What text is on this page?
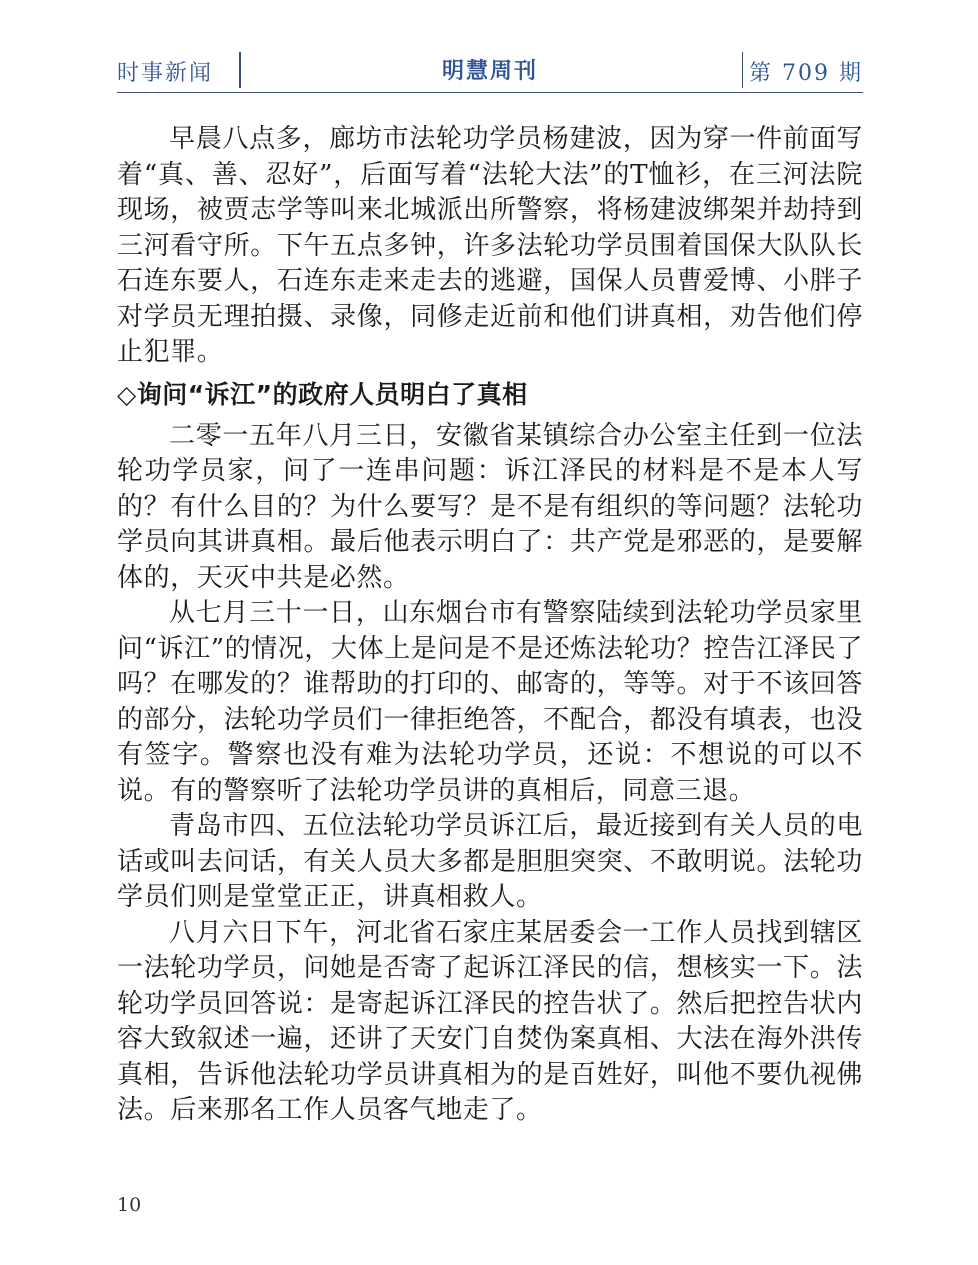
时事新闻	明慧周刊	第 709 期

早晨八点多，廊坊市法轮功学员杨建波，因为穿一件前面写着“真、善、忍好”，后面写着“法轮大法”的T恤衫，在三河法院现场，被贾志学等叫来北城派出所警察，将杨建波绑架并劫持到三河看守所。下午五点多钟，许多法轮功学员围着国保大队队长石连东要人，石连东走来走去的逃避，国保人员曹爱博、小胖子对学员无理拍摄、录像，同修走近前和他们讲真相，劝告他们停止犯罪。

◇询问“诉江”的政府人员明白了真相

二零一五年八月三日，安徽省某镇综合办公室主任到一位法轮功学员家，问了一连串问题：诉江泽民的材料是不是本人写的？有什么目的？为什么要写？是不是有组织的等问题？法轮功学员向其讲真相。最后他表示明白了：共产党是邪恶的，是要解体的，天灭中共是必然。

从七月三十一日，山东烟台市有警察陆续到法轮功学员家里问“诉江”的情况，大体上是问是不是还炼法轮功？控告江泽民了吗？在哪发的？谁帮助的打印的、邮寄的，等等。对于不该回答的部分，法轮功学员们一律拒绝答，不配合，都没有填表，也没有签字。警察也没有难为法轮功学员，还说：不想说的可以不说。有的警察听了法轮功学员讲的真相后，同意三退。

青岛市四、五位法轮功学员诉江后，最近接到有关人员的电话或叫去问话，有关人员大多都是胆胆突突、不敢明说。法轮功学员们则是堂堂正正，讲真相救人。

八月六日下午，河北省石家庄某居委会一工作人员找到辖区一法轮功学员，问她是否寄了起诉江泽民的信，想核实一下。法轮功学员回答说：是寄起诉江泽民的控告状了。然后把控告状内容大致叙述一遍，还讲了天安门自焚伪案真相、大法在海外洪传真相，告诉他法轮功学员讲真相为的是百姓好，叫他不要仇视佛法。后来那名工作人员客气地走了。

10
